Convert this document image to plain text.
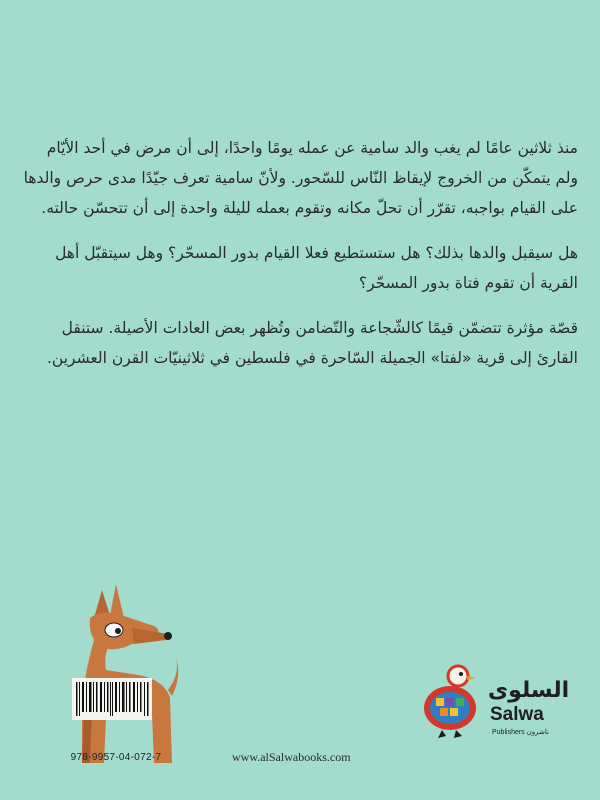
منذ ثلاثين عامًا لم يغب والد سامية عن عمله يومًا واحدًا، إلى أن مرض في أحد الأيّام ولم يتمكّن من الخروج لإيقاظ النّاس للسّحور. ولأنّ سامية تعرف جيّدًا مدى حرص والدها على القيام بواجبه، تقرّر أن تحلّ مكانه وتقوم بعمله لليلة واحدة إلى أن تتحسّن حالته.

هل سيقبل والدها بذلك؟ هل ستستطيع فعلا القيام بدور المسحّر؟ وهل سيتقبّل أهل القرية أن تقوم فتاة بدور المسحّر؟

قصّة مؤثرة تتضمّن قيمًا كالشّجاعة والتّضامن وتُظهر بعض العادات الأصيلة. ستنقل القارئ إلى قرية «لفتا» الجميلة السّاحرة في فلسطين في ثلاثينيّات القرن العشرين.

978-9957-04-072-7	www.alSalwabooks.com
السلوى
Salwa
Publishers ناشرون
